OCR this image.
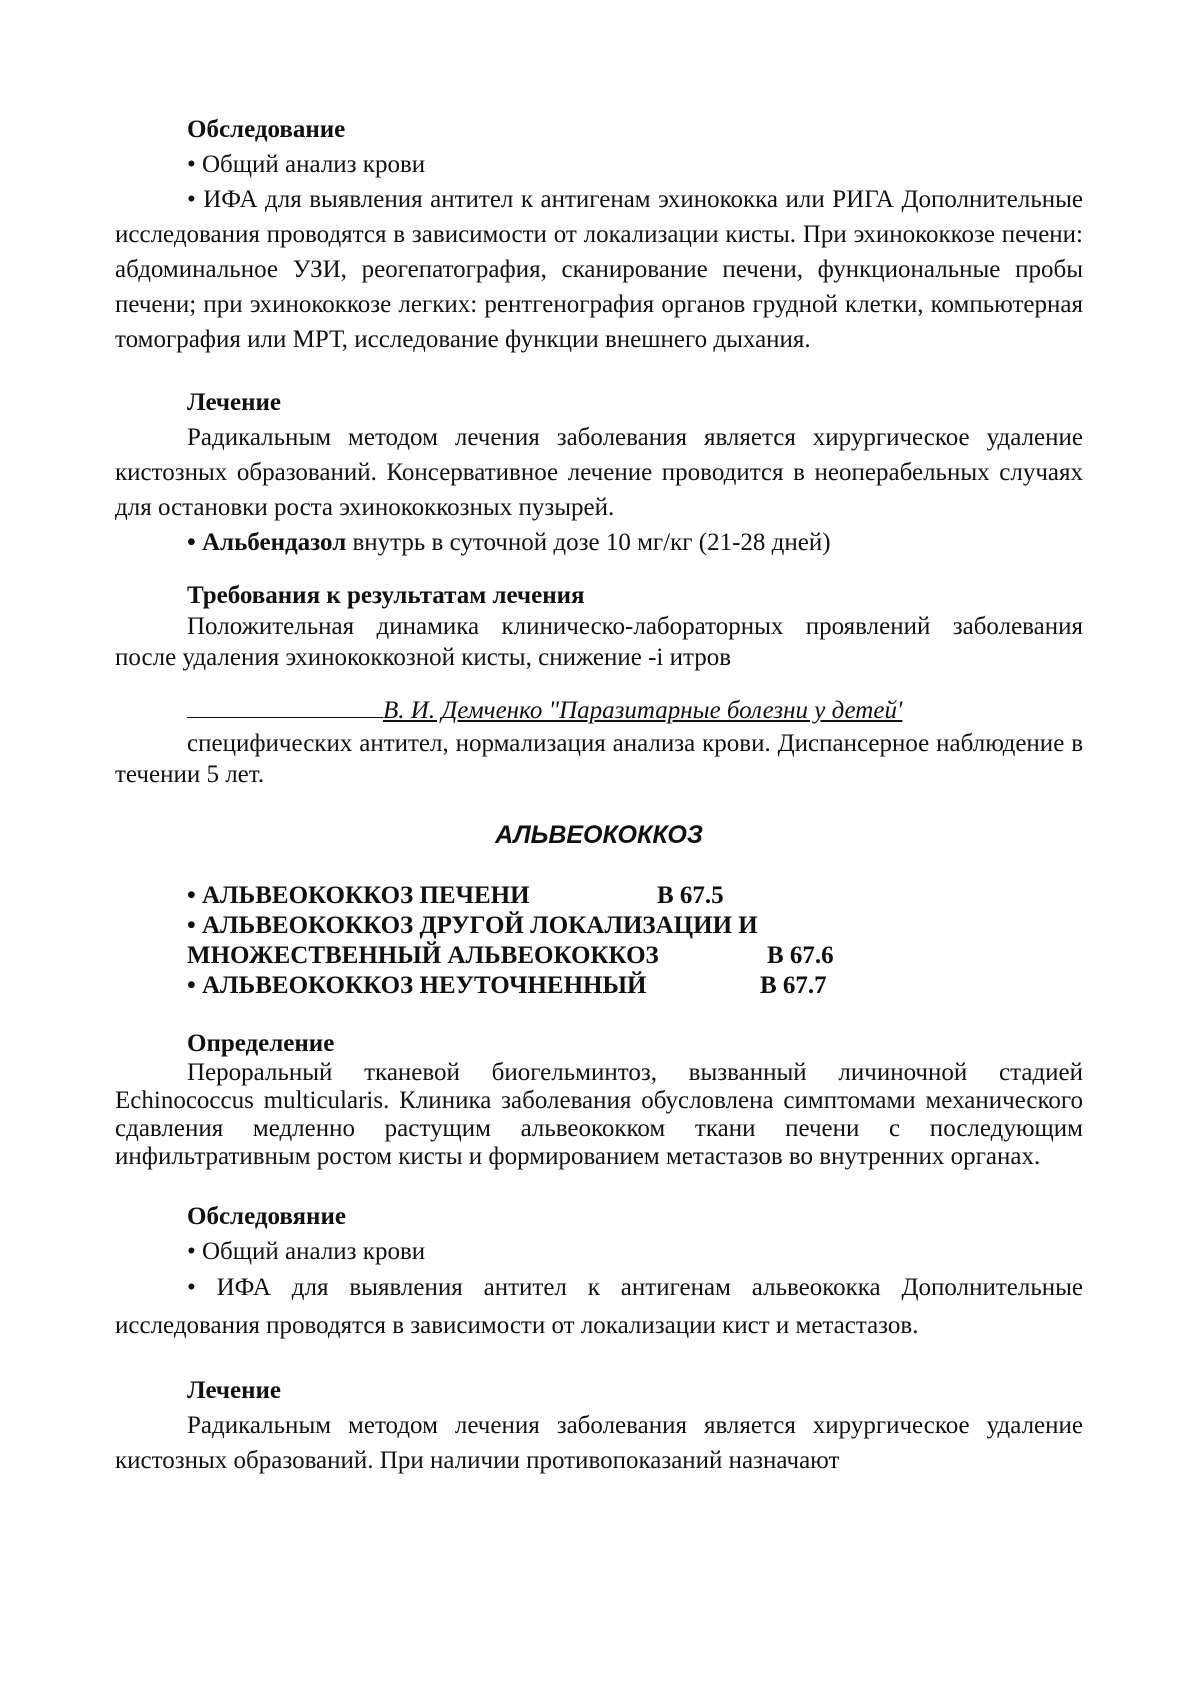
Обследование

• Общий анализ крови

• ИФА для выявления антител к антигенам эхинококка или РИГА Дополнительные исследования проводятся в зависимости от локализации кисты. При эхинококкозе печени: абдоминальное УЗИ, реогепатография, сканирование печени, функциональные пробы печени; при эхинококкозе легких: рентгенография органов грудной клетки, компьютерная томография или МРТ, исследование функции внешнего дыхания.

Лечение

Радикальным методом лечения заболевания является хирургическое удаление кистозных образований. Консервативное лечение проводится в неоперабельных случаях для остановки роста эхинококкозных пузырей.

• Альбендазол внутрь в суточной дозе 10 мг/кг (21-28 дней)

Требования к результатам лечения

Положительная динамика клиническо-лабораторных проявлений заболевания после удаления эхинококкозной кисты, снижение -i итров

В. И. Демченко "Паразитарные болезни у детей'

специфических антител, нормализация анализа крови. Диспансерное наблюдение в течении 5 лет.

АЛЬВЕОКОККОЗ

• АЛЬВЕОКОККОЗ ПЕЧЕНИ	В 67.5
• АЛЬВЕОКОККОЗ ДРУГОЙ ЛОКАЛИЗАЦИИ И
МНОЖЕСТВЕННЫЙ АЛЬВЕОКОККОЗ	В 67.6
• АЛЬВЕОКОККОЗ НЕУТОЧНЕННЫЙ	В 67.7

Определение

Пероральный тканевой биогельминтоз, вызванный личиночной стадией Echinococcus multicularis. Клиника заболевания обусловлена симптомами механического сдавления медленно растущим альвеококком ткани печени с последующим инфильтративным ростом кисты и формированием метастазов во внутренних органах.

Обследовяние

• Общий анализ крови

• ИФА для выявления антител к антигенам альвеококка Дополнительные исследования проводятся в зависимости от локализации кист и метастазов.

Лечение

Радикальным методом лечения заболевания является хирургическое удаление кистозных образований. При наличии противопоказаний назначают
